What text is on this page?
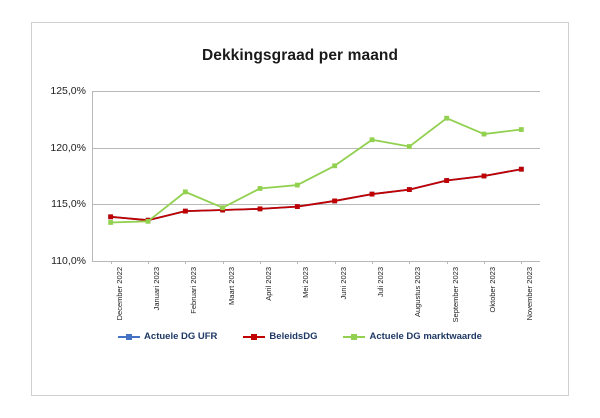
Dekkingsgraad per maand
110,0%
115,0%
120,0%
125,0%
December 2022	Januari 2023	Februari 2023	Maart 2023	April 2023	Mei 2023	Juni 2023	Juli 2023	Augustus 2023	September 2023	Oktober 2023	November 2023
Actuele DG UFR	BeleidsDG	Actuele DG marktwaarde
